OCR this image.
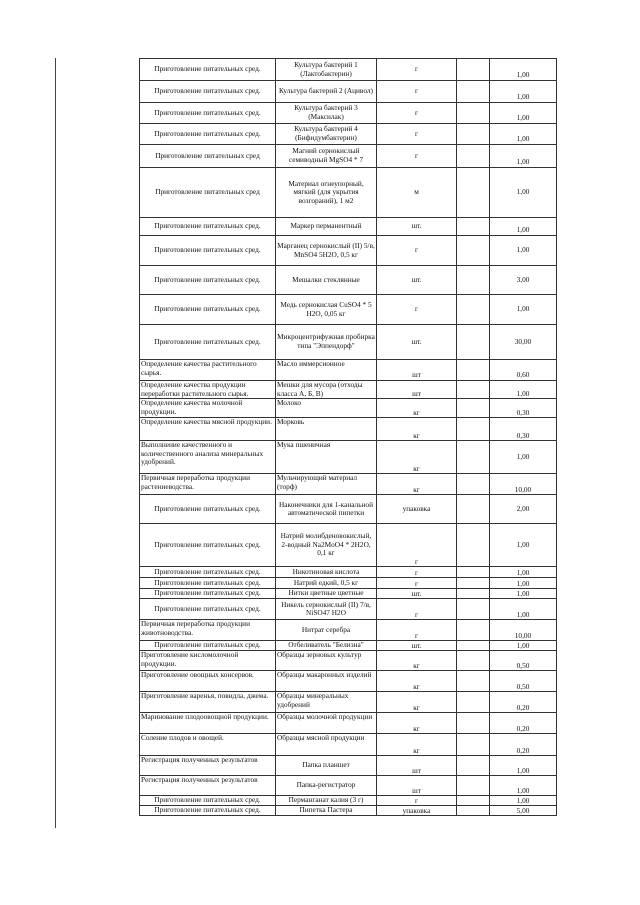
Приготовление питательных сред.	Культура бактерий 1 (Лактобактерин)	г		1,00
Приготовление питательных сред.	Культура бактерий 2 (Ацивол)	г		1,00
Приготовление питательных сред.	Культура бактерий 3 (Максилак)	г		1,00
Приготовление питательных сред.	Культура бактерий 4 (Бифидумбактерин)	г		1,00
Приготовление питательных сред	Магний сернокислый семиводный MgSO4 * 7	г		1,00
Приготовление питательных сред	Материал огнеупорный, мягкий (для укрытия возгораний), 1 м2	м		1,00
Приготовление питательных сред.	Маркер перманентный	шт.		1,00
Приготовление питательных сред.	Марганец сернокислый (II) 5/в, MnSO4 5H2O, 0,5 кг	г		1,00
Приготовление питательных сред.	Мешалки стеклянные	шт.		3,00
Приготовление питательных сред.	Медь сернокислая CuSO4 * 5 H2O, 0,05 кг	г		1,00
Приготовление питательных сред.	Микроцентрифужная пробирка типа "Эппендорф"	шт.		30,00
Определение качества растительного сырья.	Масло иммерсионное	шт		0,60
Определение качества продукции переработки растительного сырья.	Мешки для мусора (отходы класса А, Б, В)	шт		1,00
Определение качества молочной продукции.	Молоко	кг		0,30
Определение качества мясной продукции.	Морковь	кг		0,30
Выполнение качественного и количественного анализа минеральных удобрений.	Мука пшеничная	кг		1,00
Первичная переработка продукции растениеводства.	Мульчирующий материал (торф)	кг		10,00
Приготовление питательных сред.	Наконечники для 1-канальной автоматической пипетки	упаковка		2,00
Приготовление питательных сред.	Натрий молибденовокислый, 2-водный Na2MoO4 * 2H2O, 0,1 кг	г		1,00
Приготовление питательных сред.	Никотиновая кислота	г		1,00
Приготовление питательных сред.	Натрий едкий, 0,5 кг	г		1,00
Приготовление питательных сред.	Нитки цветные цветные	шт.		1,00
Приготовление питательных сред.	Никель сернокислый (II) 7/в, NiSO47 H2O	г		1,00
Первичная переработка продукции животноводства.	Нитрат серебра	г		10,00
Приготовление питательных сред.	Отбеливатель "Белизна"	шт.		1,00
Приготовление кисломолочной продукции.	Образцы зерновых культур	кг		0,50
Приготовление овощных консервов.	Образцы макаронных изделий	кг		0,50
Приготовление варенья, повидла, джема.	Образцы минеральных удобрений	кг		0,20
Маринование плодоовощной продукции.	Образцы молочной продукции	кг		0,20
Соление плодов и овощей.	Образцы мясной продукции	кг		0,20
Регистрация полученных результатов	Папка планшет	шт		1,00
Регистрация полученных результатов	Папка-регистратор	шт		1,00
Приготовление питательных сред.	Перманганат калия (3 г)	г		1,00
Приготовление питательных сред.	Пипетка Пастера	упаковка		5,00
